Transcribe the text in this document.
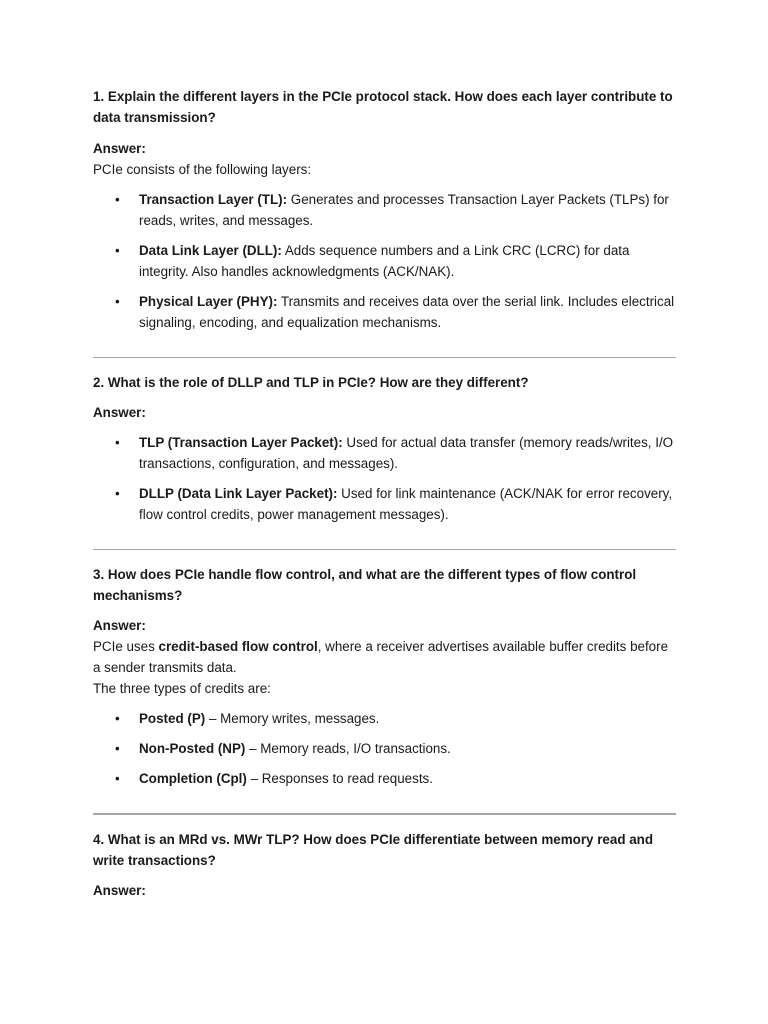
1. Explain the different layers in the PCIe protocol stack. How does each layer contribute to data transmission?

Answer:

PCIe consists of the following layers:

• Transaction Layer (TL): Generates and processes Transaction Layer Packets (TLPs) for reads, writes, and messages.
• Data Link Layer (DLL): Adds sequence numbers and a Link CRC (LCRC) for data integrity. Also handles acknowledgments (ACK/NAK).
• Physical Layer (PHY): Transmits and receives data over the serial link. Includes electrical signaling, encoding, and equalization mechanisms.

2. What is the role of DLLP and TLP in PCIe? How are they different?

Answer:

• TLP (Transaction Layer Packet): Used for actual data transfer (memory reads/writes, I/O transactions, configuration, and messages).
• DLLP (Data Link Layer Packet): Used for link maintenance (ACK/NAK for error recovery, flow control credits, power management messages).

3. How does PCIe handle flow control, and what are the different types of flow control mechanisms?

Answer:

PCIe uses credit-based flow control, where a receiver advertises available buffer credits before a sender transmits data.

The three types of credits are:

• Posted (P) – Memory writes, messages.
• Non-Posted (NP) – Memory reads, I/O transactions.
• Completion (Cpl) – Responses to read requests.

4. What is an MRd vs. MWr TLP? How does PCIe differentiate between memory read and write transactions?

Answer:
